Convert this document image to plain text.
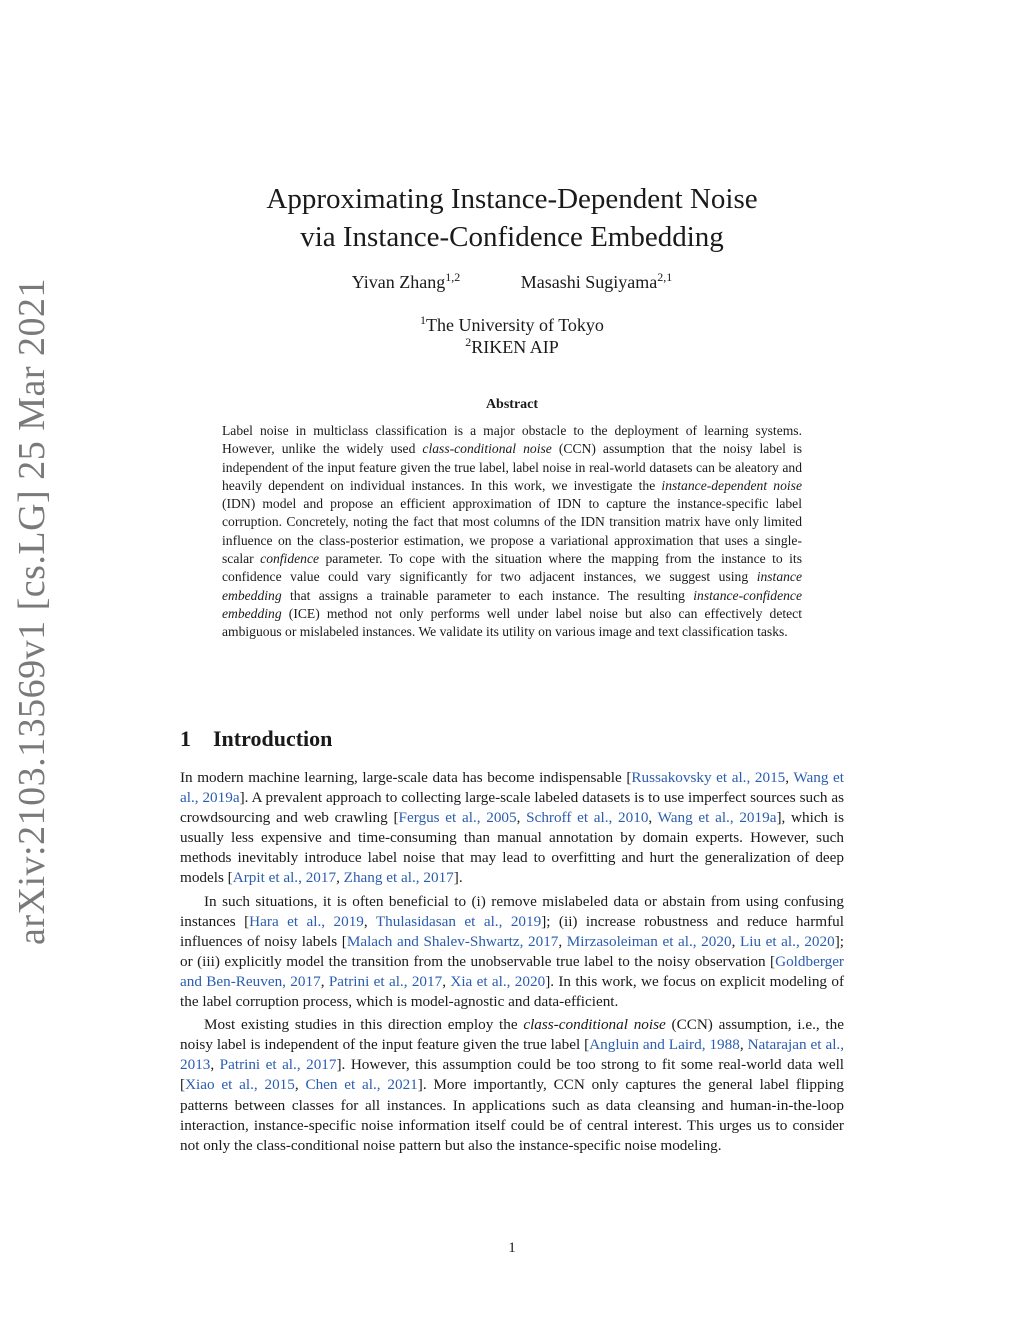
arXiv:2103.13569v1 [cs.LG] 25 Mar 2021
Approximating Instance-Dependent Noise
via Instance-Confidence Embedding
Yivan Zhang$^{1,2}$	Masashi Sugiyama$^{2,1}$
$^1$The University of Tokyo
$^2$RIKEN AIP
Abstract
Label noise in multiclass classification is a major obstacle to the deployment of learning systems. However, unlike the widely used class-conditional noise (CCN) assumption that the noisy label is independent of the input feature given the true label, label noise in real-world datasets can be aleatory and heavily dependent on individual instances. In this work, we investigate the instance-dependent noise (IDN) model and propose an efficient approximation of IDN to capture the instance-specific label corruption. Concretely, noting the fact that most columns of the IDN transition matrix have only limited influence on the class-posterior estimation, we propose a variational approximation that uses a single-scalar confidence parameter. To cope with the situation where the mapping from the instance to its confidence value could vary significantly for two adjacent instances, we suggest using instance embedding that assigns a trainable parameter to each instance. The resulting instance-confidence embedding (ICE) method not only performs well under label noise but also can effectively detect ambiguous or mislabeled instances. We validate its utility on various image and text classification tasks.
1 Introduction

In modern machine learning, large-scale data has become indispensable [Russakovsky et al., 2015, Wang et al., 2019a]. A prevalent approach to collecting large-scale labeled datasets is to use imperfect sources such as crowdsourcing and web crawling [Fergus et al., 2005, Schroff et al., 2010, Wang et al., 2019a], which is usually less expensive and time-consuming than manual annotation by domain experts. However, such methods inevitably introduce label noise that may lead to overfitting and hurt the generalization of deep models [Arpit et al., 2017, Zhang et al., 2017].

In such situations, it is often beneficial to (i) remove mislabeled data or abstain from using confusing instances [Hara et al., 2019, Thulasidasan et al., 2019]; (ii) increase robustness and reduce harmful influences of noisy labels [Malach and Shalev-Shwartz, 2017, Mirzasoleiman et al., 2020, Liu et al., 2020]; or (iii) explicitly model the transition from the unobservable true label to the noisy observation [Goldberger and Ben-Reuven, 2017, Patrini et al., 2017, Xia et al., 2020]. In this work, we focus on explicit modeling of the label corruption process, which is model-agnostic and data-efficient.

Most existing studies in this direction employ the class-conditional noise (CCN) assumption, i.e., the noisy label is independent of the input feature given the true label [Angluin and Laird, 1988, Natarajan et al., 2013, Patrini et al., 2017]. However, this assumption could be too strong to fit some real-world data well [Xiao et al., 2015, Chen et al., 2021]. More importantly, CCN only captures the general label flipping patterns between classes for all instances. In applications such as data cleansing and human-in-the-loop interaction, instance-specific noise information itself could be of central interest. This urges us to consider not only the class-conditional noise pattern but also the instance-specific noise modeling.

1
